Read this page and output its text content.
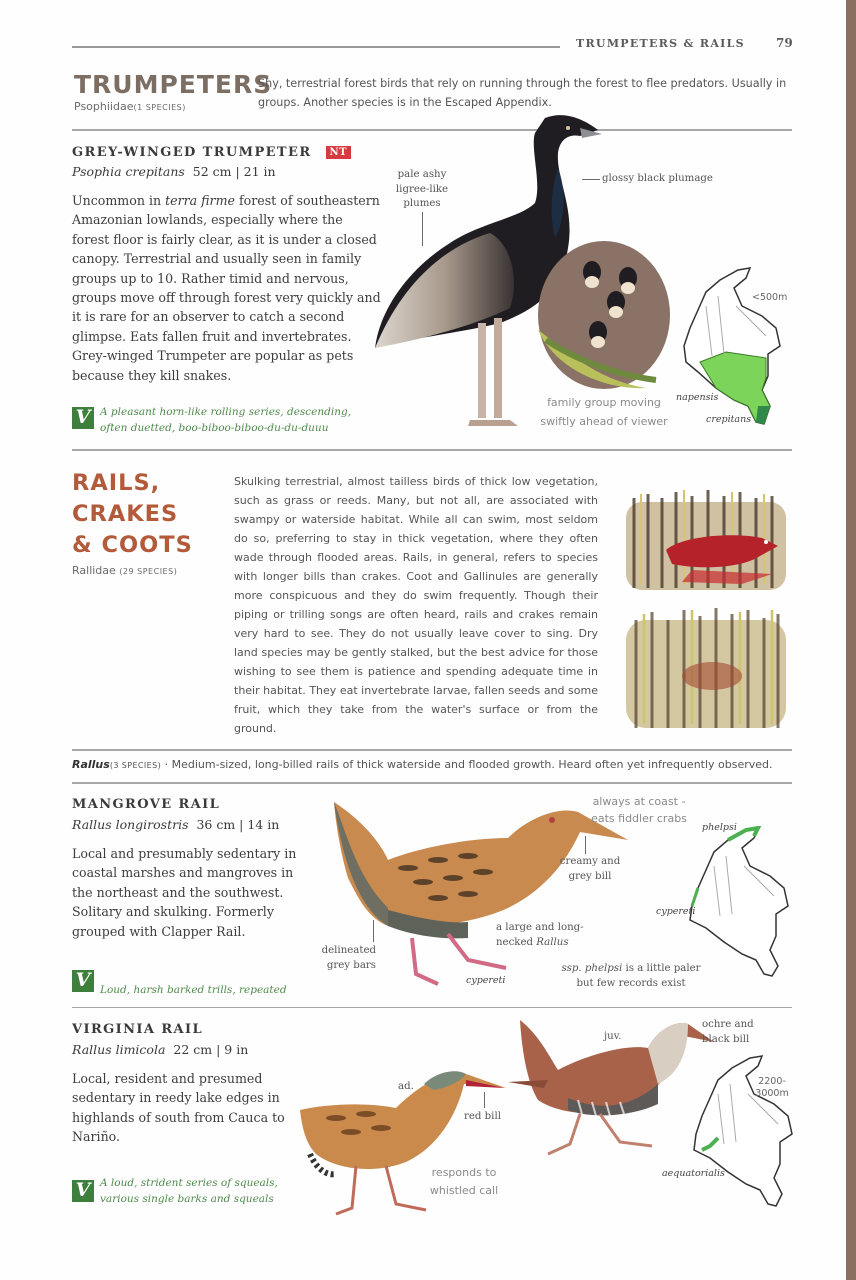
TRUMPETERS & RAILS	79
TRUMPETERS
Psophiidae(1 SPECIES)
Shy, terrestrial forest birds that rely on running through the forest to flee predators. Usually in groups. Another species is in the Escaped Appendix.
GREY-WINGED TRUMPETER	NT
Psophia crepitans 52 cm | 21 in
Uncommon in terra firme forest of southeastern Amazonian lowlands, especially where the forest floor is fairly clear, as it is under a closed canopy. Terrestrial and usually seen in family groups up to 10. Rather timid and nervous, groups move off through forest very quickly and it is rare for an observer to catch a second glimpse. Eats fallen fruit and invertebrates. Grey-winged Trumpeter are popular as pets because they kill snakes.
V A pleasant horn-like rolling series, descending, often duetted, boo-biboo-biboo-du-du-duuu
pale ashy ligree-like plumes
glossy black plumage
family group moving swiftly ahead of viewer
<500m
napensis
crepitans
RAILS,
CRAKES
& COOTS
Rallidae (29 SPECIES)
Skulking terrestrial, almost tailless birds of thick low vegetation, such as grass or reeds. Many, but not all, are associated with swampy or waterside habitat. While all can swim, most seldom do so, preferring to stay in thick vegetation, where they often wade through flooded areas. Rails, in general, refers to species with longer bills than crakes. Coot and Gallinules are generally more conspicuous and they do swim frequently. Though their piping or trilling songs are often heard, rails and crakes remain very hard to see. They do not usually leave cover to sing. Dry land species may be gently stalked, but the best advice for those wishing to see them is patience and spending adequate time in their habitat. They eat invertebrate larvae, fallen seeds and some fruit, which they take from the water's surface or from the ground.
Rallus(3 SPECIES) · Medium-sized, long-billed rails of thick waterside and flooded growth. Heard often yet infrequently observed.
MANGROVE RAIL
Rallus longirostris 36 cm | 14 in
Local and presumably sedentary in coastal marshes and mangroves in the northeast and the southwest. Solitary and skulking. Formerly grouped with Clapper Rail.
V Loud, harsh barked trills, repeated
always at coast - eats fiddler crabs
creamy and grey bill
a large and long-necked Rallus
delineated grey bars
cypereti
ssp. phelpsi is a little paler but few records exist
phelpsi
cypereti
VIRGINIA RAIL
Rallus limicola 22 cm | 9 in
Local, resident and presumed sedentary in reedy lake edges in highlands of south from Cauca to Nariño.
V A loud, strident series of squeals, various single barks and squeals
ad.
juv.
red bill
ochre and black bill
responds to whistled call
2200-3000m
aequatorialis
